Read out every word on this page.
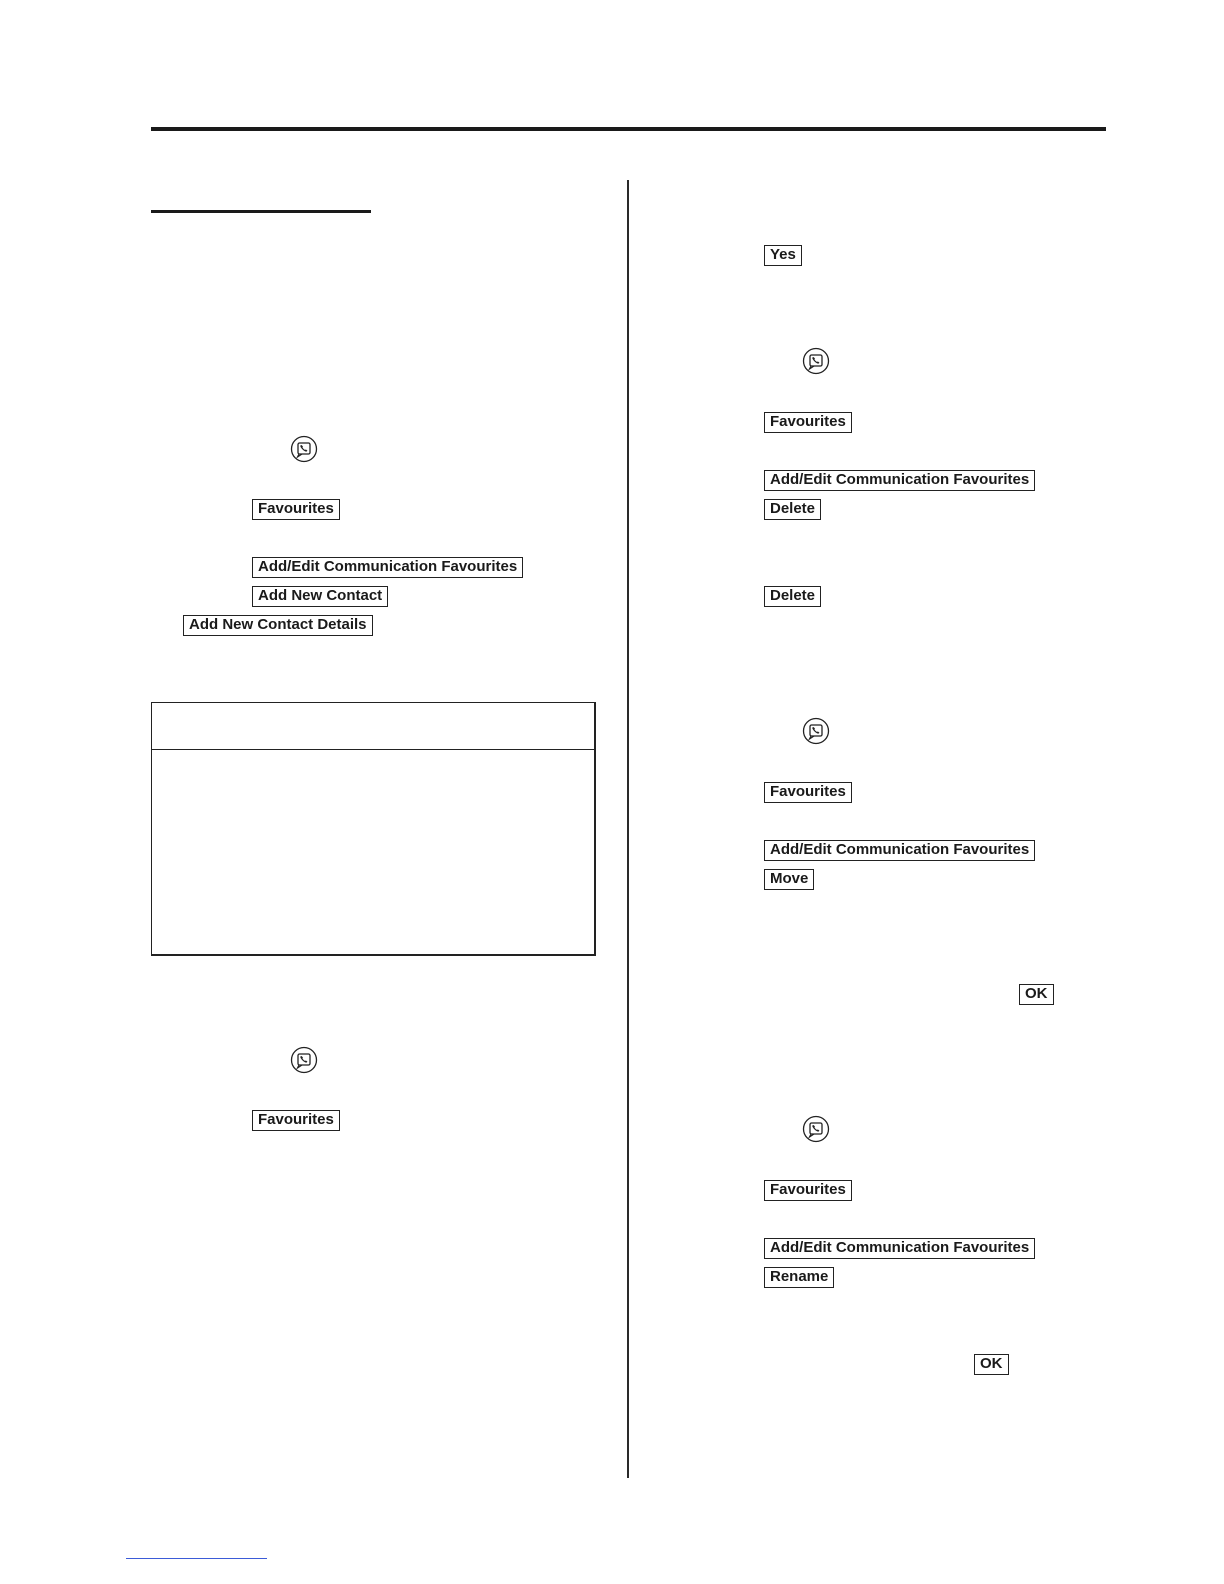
Favourites
Add/Edit Communication Favourites
Add New Contact
Add New Contact Details
Favourites
Yes
Favourites
Add/Edit Communication Favourites
Delete
Delete
Favourites
Add/Edit Communication Favourites
Move
OK
Favourites
Add/Edit Communication Favourites
Rename
OK
